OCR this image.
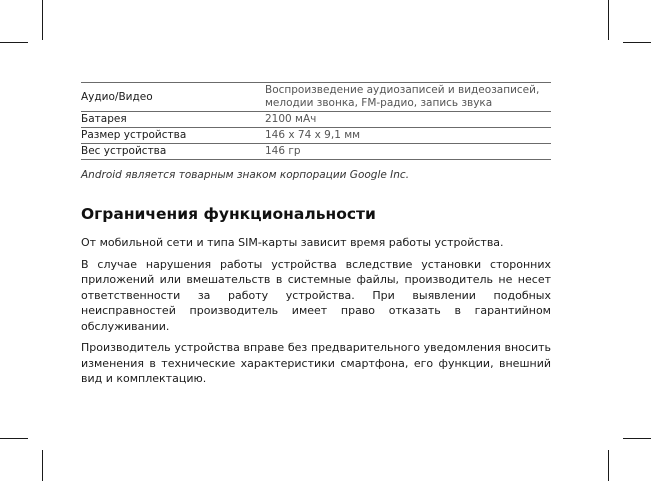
Аудио/Видео	Воспроизведение аудиозаписей и видеозаписей,
мелодии звонка, FM-радио, запись звука
Батарея	2100 мАч
Размер устройства	146 x 74 x 9,1 мм
Вес устройства	146 гр
Android является товарным знаком корпорации Google Inc.
Ограничения функциональности

От мобильной сети и типа SIM-карты зависит время работы устройства.

В случае нарушения работы устройства вследствие установки сторонних приложений или вмешательств в системные файлы, производитель не несет ответственности за работу устройства. При выявлении подобных неисправностей производитель имеет право отказать в гарантийном обслуживании.

Производитель устройства вправе без предварительного уведомления вносить изменения в технические характеристики смартфона, его функции, внешний вид и комплектацию.
